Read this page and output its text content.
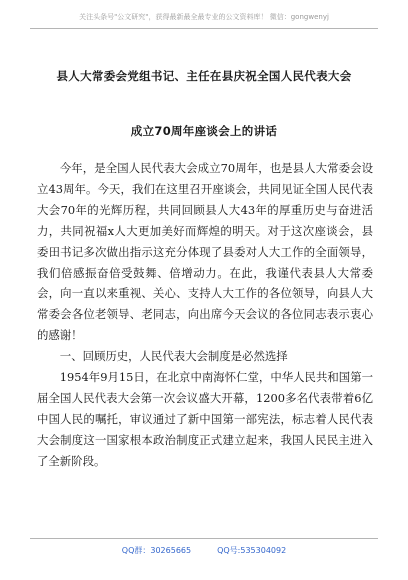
关注头条号"公文研究"，获得最新最全最专业的公文资料库！ 微信：gongwenyj
县人大常委会党组书记、主任在县庆祝全国人民代表大会
成立70周年座谈会上的讲话

今年，是全国人民代表大会成立70周年，也是县人大常委会设立43周年。今天，我们在这里召开座谈会，共同见证全国人民代表大会70年的光辉历程，共同回顾县人大43年的厚重历史与奋进活力，共同祝福x人大更加美好而辉煌的明天。对于这次座谈会，县委田书记多次做出指示这充分体现了县委对人大工作的全面领导，我们倍感振奋倍受鼓舞、倍增动力。在此，我谨代表县人大常委会，向一直以来重视、关心、支持人大工作的各位领导，向县人大常委会各位老领导、老同志，向出席今天会议的各位同志表示衷心的感谢！

一、回顾历史，人民代表大会制度是必然选择

1954年9月15日，在北京中南海怀仁堂，中华人民共和国第一届全国人民代表大会第一次会议盛大开幕，1200多名代表带着6亿中国人民的嘱托，审议通过了新中国第一部宪法，标志着人民代表大会制度这一国家根本政治制度正式建立起来，我国人民民主进入了全新阶段。

QQ群：30265665	QQ号:535304092
